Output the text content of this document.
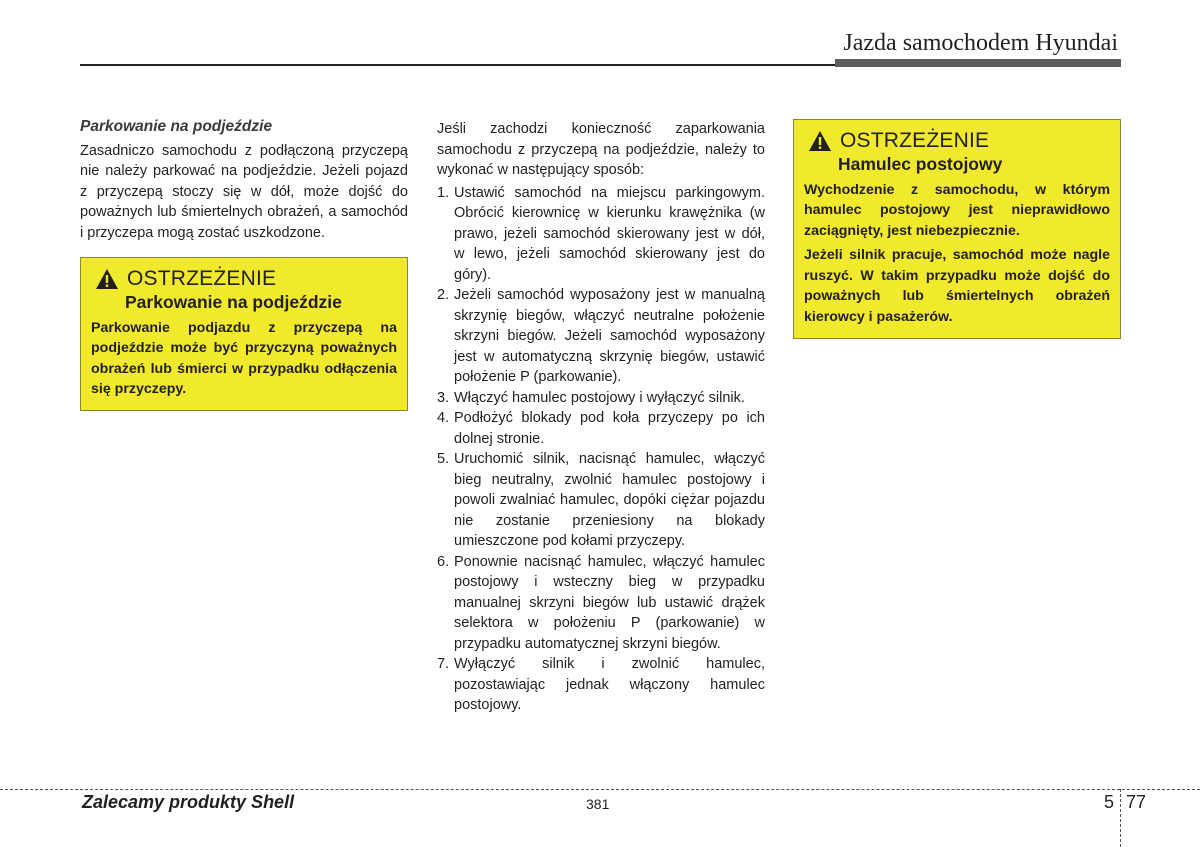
Jazda samochodem Hyundai

Parkowanie na podjeździe

Zasadniczo samochodu z podłączoną przyczepą nie należy parkować na podjeździe. Jeżeli pojazd z przyczepą stoczy się w dół, może dojść do poważnych lub śmiertelnych obrażeń, a samochód i przyczepa mogą zostać uszkodzone.

OSTRZEŻENIE
Parkowanie na podjeździe

Parkowanie podjazdu z przyczepą na podjeździe może być przyczyną poważnych obrażeń lub śmierci w przypadku odłączenia się przyczepy.

Jeśli zachodzi konieczność zaparkowania samochodu z przyczepą na podjeździe, należy to wykonać w następujący sposób:

1. Ustawić samochód na miejscu parkingowym. Obrócić kierownicę w kierunku krawężnika (w prawo, jeżeli samochód skierowany jest w dół, w lewo, jeżeli samochód skierowany jest do góry).
2. Jeżeli samochód wyposażony jest w manualną skrzynię biegów, włączyć neutralne położenie skrzyni biegów. Jeżeli samochód wyposażony jest w automatyczną skrzynię biegów, ustawić położenie P (parkowanie).
3. Włączyć hamulec postojowy i wyłączyć silnik.
4. Podłożyć blokady pod koła przyczepy po ich dolnej stronie.
5. Uruchomić silnik, nacisnąć hamulec, włączyć bieg neutralny, zwolnić hamulec postojowy i powoli zwalniać hamulec, dopóki ciężar pojazdu nie zostanie przeniesiony na blokady umieszczone pod kołami przyczepy.
6. Ponownie nacisnąć hamulec, włączyć hamulec postojowy i wsteczny bieg w przypadku manualnej skrzyni biegów lub ustawić drążek selektora w położeniu P (parkowanie) w przypadku automatycznej skrzyni biegów.
7. Wyłączyć silnik i zwolnić hamulec, pozostawiając jednak włączony hamulec postojowy.
OSTRZEŻENIE
Hamulec postojowy

Wychodzenie z samochodu, w którym hamulec postojowy jest nieprawidłowo zaciągnięty, jest niebezpiecznie.

Jeżeli silnik pracuje, samochód może nagle ruszyć. W takim przypadku może dojść do poważnych lub śmiertelnych obrażeń kierowcy i pasażerów.

Zalecamy produkty Shell	381	5 77
